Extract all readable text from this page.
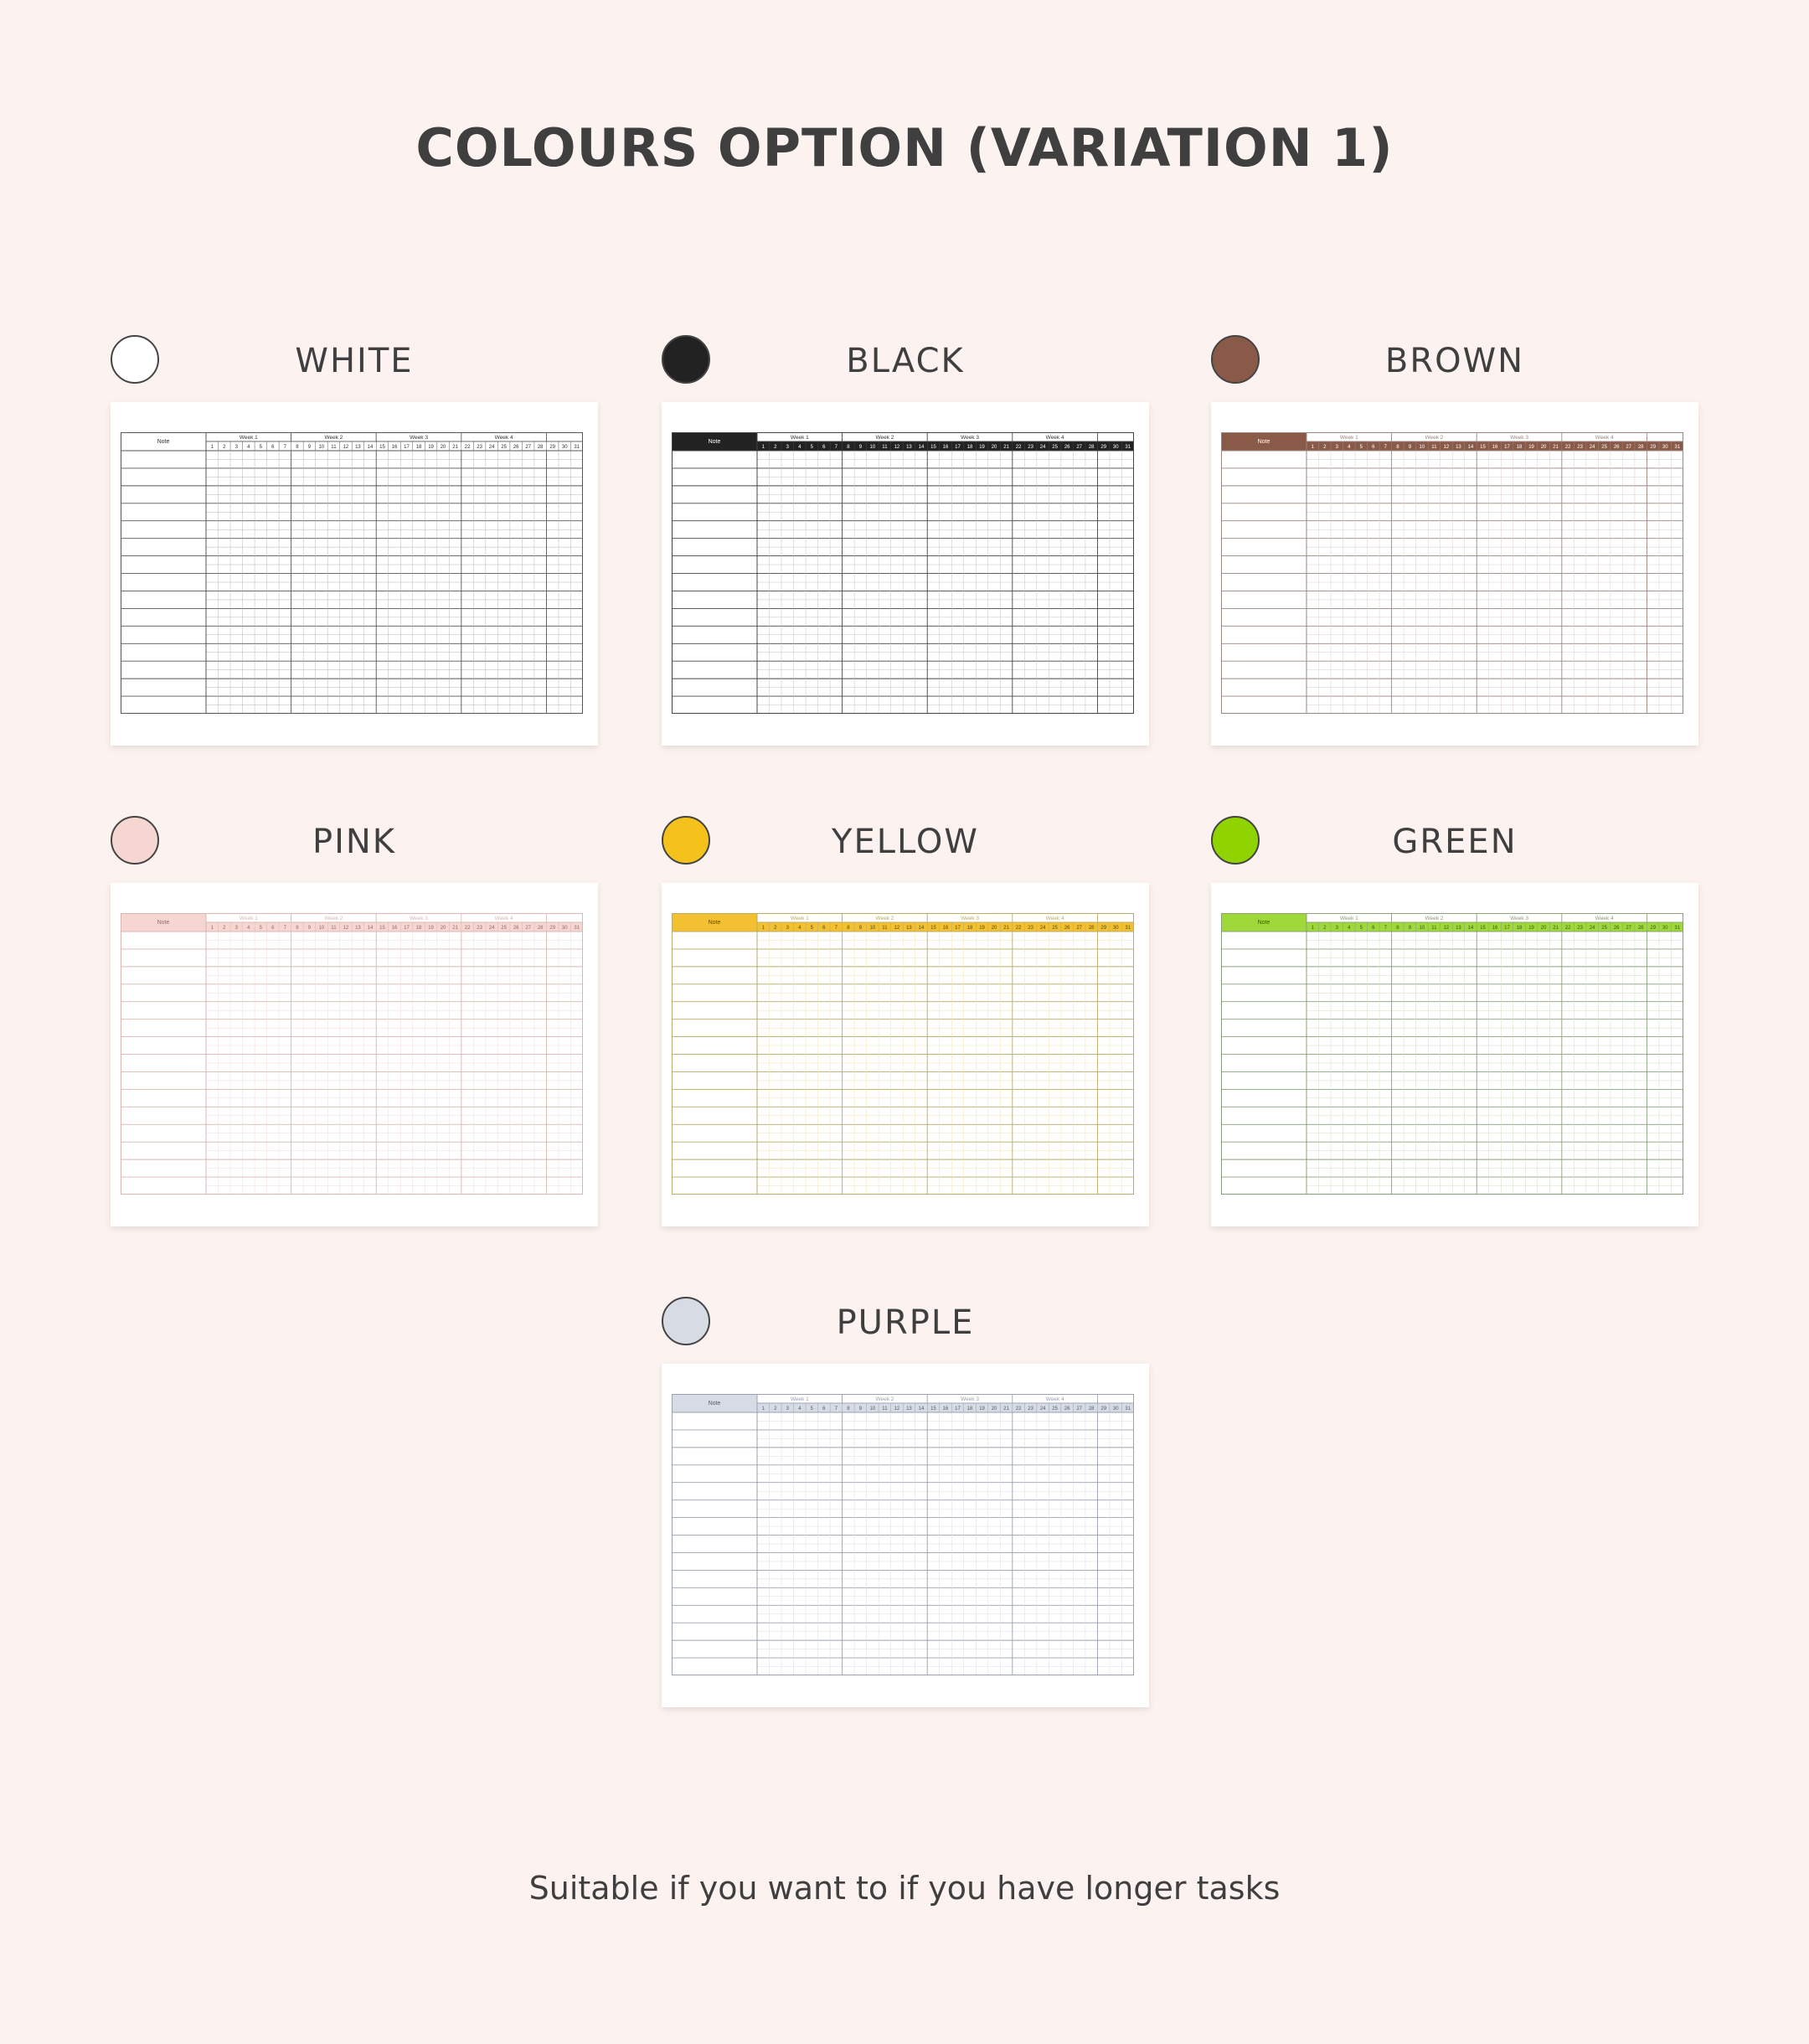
COLOURS OPTION (VARIATION 1)
WHITE
Note
Week 1	Week 2	Week 3	Week 4
1 2 3 4 5 6 7 8 9 10 11 12 13 14 15 16 17 18 19 20 21 22 23 24 25 26 27 28 29 30 31
BLACK
Note
Week 1	Week 2	Week 3	Week 4
1 2 3 4 5 6 7 8 9 10 11 12 13 14 15 16 17 18 19 20 21 22 23 24 25 26 27 28 29 30 31
BROWN
Note
Week 1	Week 2	Week 3	Week 4
1 2 3 4 5 6 7 8 9 10 11 12 13 14 15 16 17 18 19 20 21 22 23 24 25 26 27 28 29 30 31
PINK
Note
Week 1	Week 2	Week 3	Week 4
1 2 3 4 5 6 7 8 9 10 11 12 13 14 15 16 17 18 19 20 21 22 23 24 25 26 27 28 29 30 31
YELLOW
Note
Week 1	Week 2	Week 3	Week 4
1 2 3 4 5 6 7 8 9 10 11 12 13 14 15 16 17 18 19 20 21 22 23 24 25 26 27 28 29 30 31
GREEN
Note
Week 1	Week 2	Week 3	Week 4
1 2 3 4 5 6 7 8 9 10 11 12 13 14 15 16 17 18 19 20 21 22 23 24 25 26 27 28 29 30 31
PURPLE
Note
Week 1	Week 2	Week 3	Week 4
1 2 3 4 5 6 7 8 9 10 11 12 13 14 15 16 17 18 19 20 21 22 23 24 25 26 27 28 29 30 31
Suitable if you want to if you have longer tasks
